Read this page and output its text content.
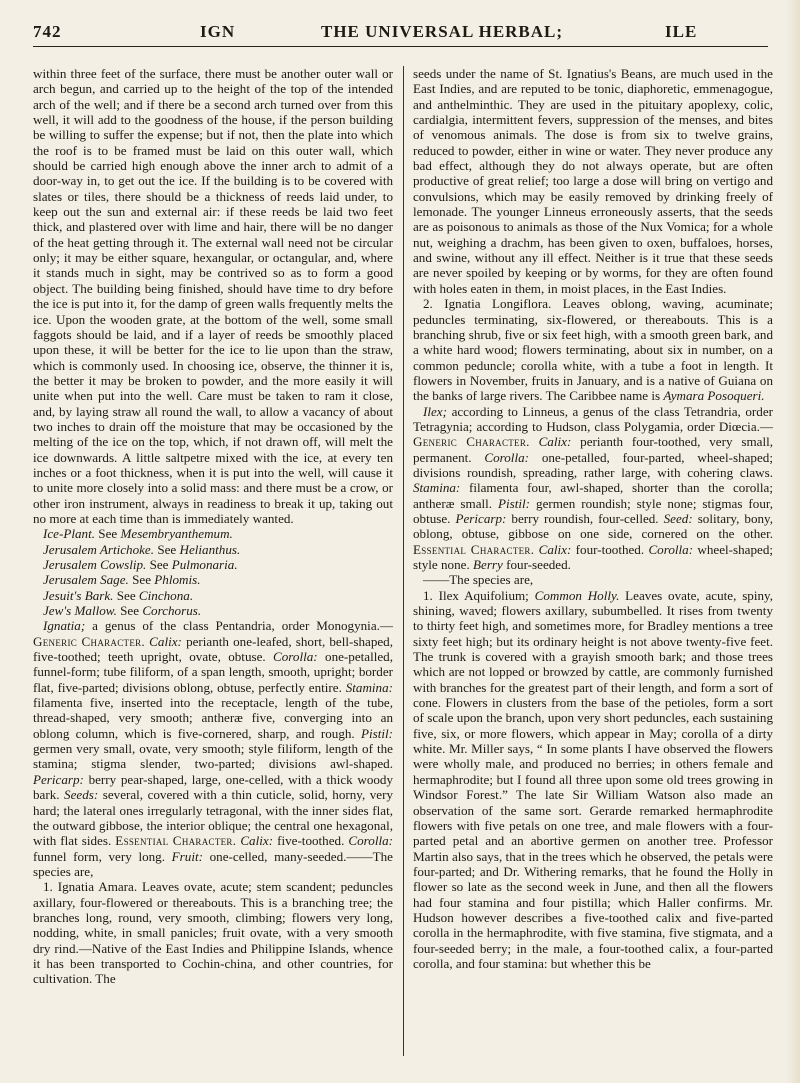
742	IGN	THE UNIVERSAL HERBAL;	ILE

within three feet of the surface, there must be another outer wall or arch begun, and carried up to the height of the top of the intended arch of the well; and if there be a second arch turned over from this well, it will add to the goodness of the house, if the person building be willing to suffer the expense; but if not, then the plate into which the roof is to be framed must be laid on this outer wall, which should be carried high enough above the inner arch to admit of a door-way in, to get out the ice. If the building is to be covered with slates or tiles, there should be a thickness of reeds laid under, to keep out the sun and external air: if these reeds be laid two feet thick, and plastered over with lime and hair, there will be no danger of the heat getting through it. The external wall need not be circular only; it may be either square, hexangular, or octangular, and, where it stands much in sight, may be contrived so as to form a good object. The building being finished, should have time to dry before the ice is put into it, for the damp of green walls frequently melts the ice. Upon the wooden grate, at the bottom of the well, some small faggots should be laid, and if a layer of reeds be smoothly placed upon these, it will be better for the ice to lie upon than the straw, which is commonly used. In choosing ice, observe, the thinner it is, the better it may be broken to powder, and the more easily it will unite when put into the well. Care must be taken to ram it close, and, by laying straw all round the wall, to allow a vacancy of about two inches to drain off the moisture that may be occasioned by the melting of the ice on the top, which, if not drawn off, will melt the ice downwards. A little saltpetre mixed with the ice, at every ten inches or a foot thickness, when it is put into the well, will cause it to unite more closely into a solid mass: and there must be a crow, or other iron instrument, always in readiness to break it up, taking out no more at each time than is immediately wanted.

Ice-Plant. See Mesembryanthemum.

Jerusalem Artichoke. See Helianthus.

Jerusalem Cowslip. See Pulmonaria.

Jerusalem Sage. See Phlomis.

Jesuit's Bark. See Cinchona.

Jew's Mallow. See Corchorus.

Ignatia; a genus of the class Pentandria, order Monogynia.—Generic Character. Calix: perianth one-leafed, short, bell-shaped, five-toothed; teeth upright, ovate, obtuse. Corolla: one-petalled, funnel-form; tube filiform, of a span length, smooth, upright; border flat, five-parted; divisions oblong, obtuse, perfectly entire. Stamina: filamenta five, inserted into the receptacle, length of the tube, thread-shaped, very smooth; antheræ five, converging into an oblong column, which is five-cornered, sharp, and rough. Pistil: germen very small, ovate, very smooth; style filiform, length of the stamina; stigma slender, two-parted; divisions awl-shaped. Pericarp: berry pear-shaped, large, one-celled, with a thick woody bark. Seeds: several, covered with a thin cuticle, solid, horny, very hard; the lateral ones irregularly tetragonal, with the inner sides flat, the outward gibbose, the interior oblique; the central one hexagonal, with flat sides. Essential Character. Calix: five-toothed. Corolla: funnel form, very long. Fruit: one-celled, many-seeded.——The species are,

1. Ignatia Amara. Leaves ovate, acute; stem scandent; peduncles axillary, four-flowered or thereabouts. This is a branching tree; the branches long, round, very smooth, climbing; flowers very long, nodding, white, in small panicles; fruit ovate, with a very smooth dry rind.—Native of the East Indies and Philippine Islands, whence it has been transported to Cochin-china, and other countries, for cultivation. The

seeds under the name of St. Ignatius's Beans, are much used in the East Indies, and are reputed to be tonic, diaphoretic, emmenagogue, and anthelminthic. They are used in the pituitary apoplexy, colic, cardialgia, intermittent fevers, suppression of the menses, and bites of venomous animals. The dose is from six to twelve grains, reduced to powder, either in wine or water. They never produce any bad effect, although they do not always operate, but are often productive of great relief; too large a dose will bring on vertigo and convulsions, which may be easily removed by drinking freely of lemonade. The younger Linneus erroneously asserts, that the seeds are as poisonous to animals as those of the Nux Vomica; for a whole nut, weighing a drachm, has been given to oxen, buffaloes, horses, and swine, without any ill effect. Neither is it true that these seeds are never spoiled by keeping or by worms, for they are often found with holes eaten in them, in moist places, in the East Indies.

2. Ignatia Longiflora. Leaves oblong, waving, acuminate; peduncles terminating, six-flowered, or thereabouts. This is a branching shrub, five or six feet high, with a smooth green bark, and a white hard wood; flowers terminating, about six in number, on a common peduncle; corolla white, with a tube a foot in length. It flowers in November, fruits in January, and is a native of Guiana on the banks of large rivers. The Caribbee name is Aymara Posoqueri.

Ilex; according to Linneus, a genus of the class Tetrandria, order Tetragynia; according to Hudson, class Polygamia, order Diœcia.—Generic Character. Calix: perianth four-toothed, very small, permanent. Corolla: one-petalled, four-parted, wheel-shaped; divisions roundish, spreading, rather large, with cohering claws. Stamina: filamenta four, awl-shaped, shorter than the corolla; antheræ small. Pistil: germen roundish; style none; stigmas four, obtuse. Pericarp: berry roundish, four-celled. Seed: solitary, bony, oblong, obtuse, gibbose on one side, cornered on the other. Essential Character. Calix: four-toothed. Corolla: wheel-shaped; style none. Berry four-seeded.

——The species are,

1. Ilex Aquifolium; Common Holly. Leaves ovate, acute, spiny, shining, waved; flowers axillary, subumbelled. It rises from twenty to thirty feet high, and sometimes more, for Bradley mentions a tree sixty feet high; but its ordinary height is not above twenty-five feet. The trunk is covered with a grayish smooth bark; and those trees which are not lopped or browzed by cattle, are commonly furnished with branches for the greatest part of their length, and form a sort of cone. Flowers in clusters from the base of the petioles, form a sort of scale upon the branch, upon very short peduncles, each sustaining five, six, or more flowers, which appear in May; corolla of a dirty white. Mr. Miller says, “ In some plants I have observed the flowers were wholly male, and produced no berries; in others female and hermaphrodite; but I found all three upon some old trees growing in Windsor Forest.” The late Sir William Watson also made an observation of the same sort. Gerarde remarked hermaphrodite flowers with five petals on one tree, and male flowers with a four-parted petal and an abortive germen on another tree. Professor Martin also says, that in the trees which he observed, the petals were four-parted; and Dr. Withering remarks, that he found the Holly in flower so late as the second week in June, and then all the flowers had four stamina and four pistilla; which Haller confirms. Mr. Hudson however describes a five-toothed calix and five-parted corolla in the hermaphrodite, with five stamina, five stigmata, and a four-seeded berry; in the male, a four-toothed calix, a four-parted corolla, and four stamina: but whether this be
